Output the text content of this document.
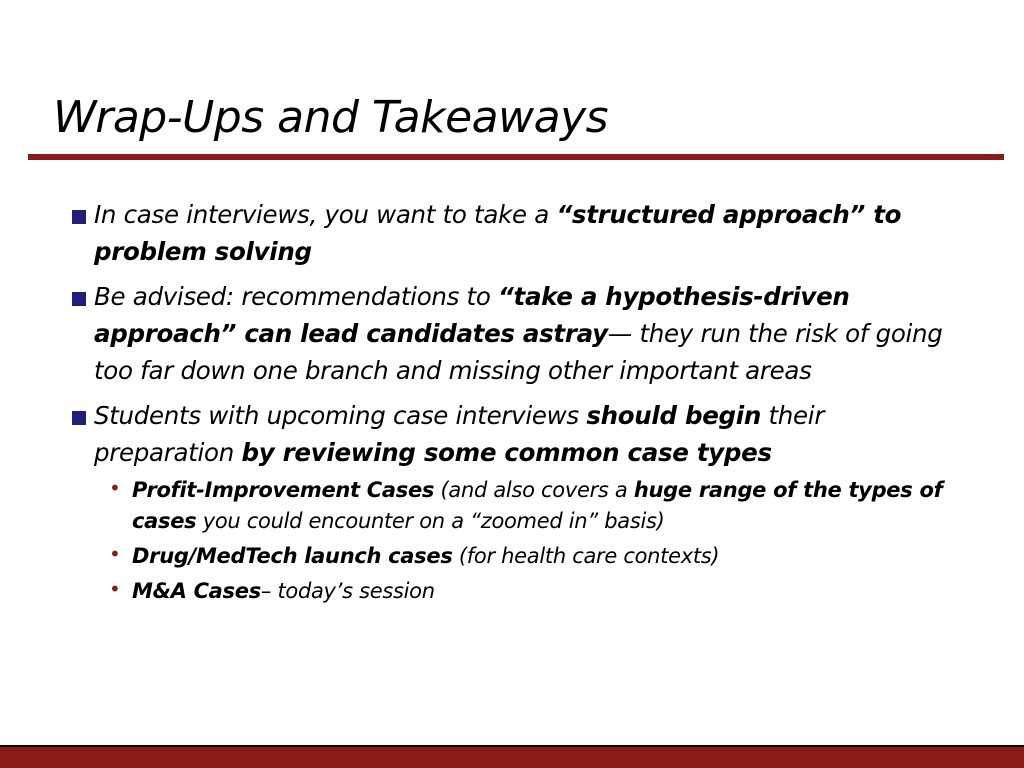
Wrap-Ups and Takeaways
In case interviews, you want to take a “structured approach” to problem solving
Be advised: recommendations to “take a hypothesis-driven approach” can lead candidates astray— they run the risk of going too far down one branch and missing other important areas
Students with upcoming case interviews should begin their preparation by reviewing some common case types
• Profit-Improvement Cases (and also covers a huge range of the types of cases you could encounter on a “zoomed in” basis)
• Drug/MedTech launch cases (for health care contexts)
• M&A Cases– today’s session
